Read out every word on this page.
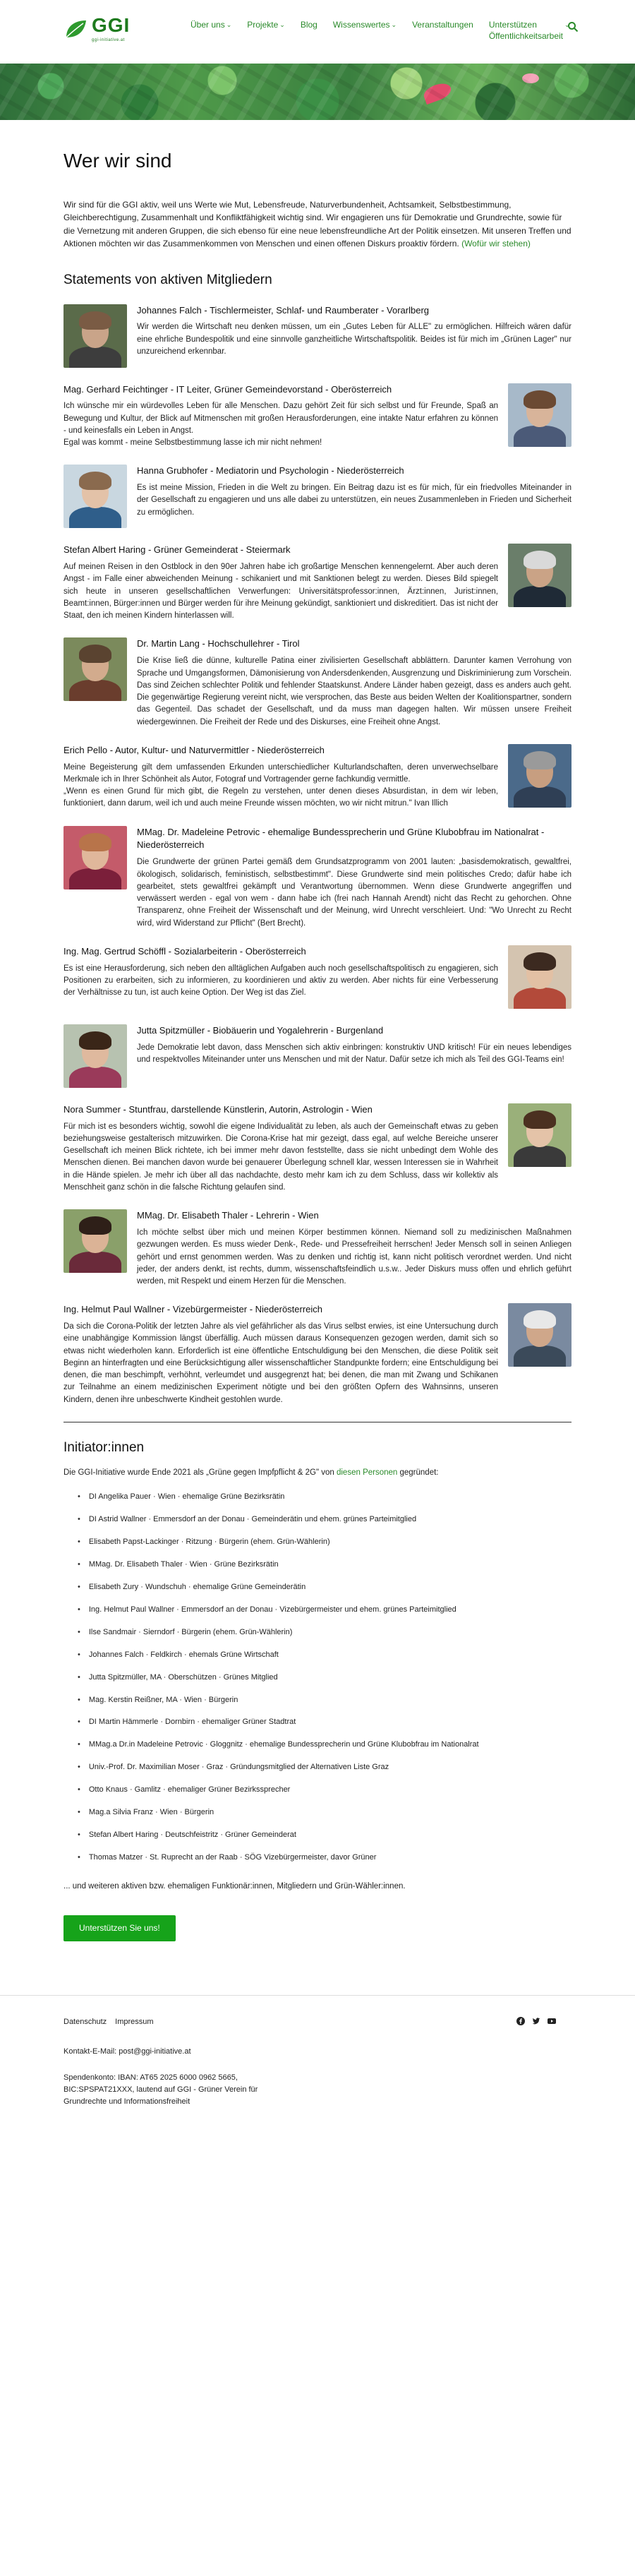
GGI
ggi-initiative.at
Über uns ⌄ Projekte ⌄ Blog Wissenswertes ⌄ Veranstaltungen Unterstützen Öffentlichkeitsarbeit
⌄
Wer wir sind

Wir sind für die GGI aktiv, weil uns Werte wie Mut, Lebensfreude, Naturverbundenheit, Achtsamkeit, Selbstbestimmung, Gleichberechtigung, Zusammenhalt und Konfliktfähigkeit wichtig sind. Wir engagieren uns für Demokratie und Grundrechte, sowie für die Vernetzung mit anderen Gruppen, die sich ebenso für eine neue lebensfreundliche Art der Politik einsetzen. Mit unseren Treffen und Aktionen möchten wir das Zusammenkommen von Menschen und einen offenen Diskurs proaktiv fördern. (Wofür wir stehen)

Statements von aktiven Mitgliedern
Johannes Falch - Tischlermeister, Schlaf- und Raumberater - Vorarlberg
Wir werden die Wirtschaft neu denken müssen, um ein „Gutes Leben für ALLE" zu ermöglichen. Hilfreich wären dafür eine ehrliche Bundespolitik und eine sinnvolle ganzheitliche Wirtschaftspolitik. Beides ist für mich im „Grünen Lager" nur unzureichend erkennbar.
Mag. Gerhard Feichtinger - IT Leiter, Grüner Gemeindevorstand - Oberösterreich
Ich wünsche mir ein würdevolles Leben für alle Menschen. Dazu gehört Zeit für sich selbst und für Freunde, Spaß an Bewegung und Kultur, der Blick auf Mitmenschen mit großen Herausforderungen, eine intakte Natur erfahren zu können - und keinesfalls ein Leben in Angst.
Egal was kommt - meine Selbstbestimmung lasse ich mir nicht nehmen!
Hanna Grubhofer - Mediatorin und Psychologin - Niederösterreich
Es ist meine Mission, Frieden in die Welt zu bringen. Ein Beitrag dazu ist es für mich, für ein friedvolles Miteinander in der Gesellschaft zu engagieren und uns alle dabei zu unterstützen, ein neues Zusammenleben in Frieden und Sicherheit zu ermöglichen.
Stefan Albert Haring - Grüner Gemeinderat - Steiermark
Auf meinen Reisen in den Ostblock in den 90er Jahren habe ich großartige Menschen kennengelernt. Aber auch deren Angst - im Falle einer abweichenden Meinung - schikaniert und mit Sanktionen belegt zu werden. Dieses Bild spiegelt sich heute in unseren gesellschaftlichen Verwerfungen: Universitätsprofessor:innen, Ärzt:innen, Jurist:innen, Beamt:innen, Bürger:innen und Bürger werden für ihre Meinung gekündigt, sanktioniert und diskreditiert. Das ist nicht der Staat, den ich meinen Kindern hinterlassen will.
Dr. Martin Lang - Hochschullehrer - Tirol
Die Krise ließ die dünne, kulturelle Patina einer zivilisierten Gesellschaft abblättern. Darunter kamen Verrohung von Sprache und Umgangsformen, Dämonisierung von Andersdenkenden, Ausgrenzung und Diskriminierung zum Vorschein. Das sind Zeichen schlechter Politik und fehlender Staatskunst. Andere Länder haben gezeigt, dass es anders auch geht. Die gegenwärtige Regierung vereint nicht, wie versprochen, das Beste aus beiden Welten der Koalitionspartner, sondern das Gegenteil. Das schadet der Gesellschaft, und da muss man dagegen halten. Wir müssen unsere Freiheit wiedergewinnen. Die Freiheit der Rede und des Diskurses, eine Freiheit ohne Angst.
Erich Pello - Autor, Kultur- und Naturvermittler - Niederösterreich
Meine Begeisterung gilt dem umfassenden Erkunden unterschiedlicher Kulturlandschaften, deren unverwechselbare Merkmale ich in Ihrer Schönheit als Autor, Fotograf und Vortragender gerne fachkundig vermittle.
„Wenn es einen Grund für mich gibt, die Regeln zu verstehen, unter denen dieses Absurdistan, in dem wir leben, funktioniert, dann darum, weil ich und auch meine Freunde wissen möchten, wo wir nicht mitrun." Ivan Illich
MMag. Dr. Madeleine Petrovic - ehemalige Bundessprecherin und Grüne Klubobfrau im Nationalrat - Niederösterreich
Die Grundwerte der grünen Partei gemäß dem Grundsatzprogramm von 2001 lauten: „basisdemokratisch, gewaltfrei, ökologisch, solidarisch, feministisch, selbstbestimmt". Diese Grundwerte sind mein politisches Credo; dafür habe ich gearbeitet, stets gewaltfrei gekämpft und Verantwortung übernommen. Wenn diese Grundwerte angegriffen und verwässert werden - egal von wem - dann habe ich (frei nach Hannah Arendt) nicht das Recht zu gehorchen. Ohne Transparenz, ohne Freiheit der Wissenschaft und der Meinung, wird Unrecht verschleiert. Und: "Wo Unrecht zu Recht wird, wird Widerstand zur Pflicht" (Bert Brecht).
Ing. Mag. Gertrud Schöffl - Sozialarbeiterin - Oberösterreich
Es ist eine Herausforderung, sich neben den alltäglichen Aufgaben auch noch gesellschaftspolitisch zu engagieren, sich Positionen zu erarbeiten, sich zu informieren, zu koordinieren und aktiv zu werden. Aber nichts für eine Verbesserung der Verhältnisse zu tun, ist auch keine Option. Der Weg ist das Ziel.
Jutta Spitzmüller - Biobäuerin und Yogalehrerin - Burgenland
Jede Demokratie lebt davon, dass Menschen sich aktiv einbringen: konstruktiv UND kritisch! Für ein neues lebendiges und respektvolles Miteinander unter uns Menschen und mit der Natur. Dafür setze ich mich als Teil des GGI-Teams ein!
Nora Summer - Stuntfrau, darstellende Künstlerin, Autorin, Astrologin - Wien
Für mich ist es besonders wichtig, sowohl die eigene Individualität zu leben, als auch der Gemeinschaft etwas zu geben beziehungsweise gestalterisch mitzuwirken. Die Corona-Krise hat mir gezeigt, dass egal, auf welche Bereiche unserer Gesellschaft ich meinen Blick richtete, ich bei immer mehr davon feststellte, dass sie nicht unbedingt dem Wohle des Menschen dienen. Bei manchen davon wurde bei genauerer Überlegung schnell klar, wessen Interessen sie in Wahrheit in die Hände spielen. Je mehr ich über all das nachdachte, desto mehr kam ich zu dem Schluss, dass wir kollektiv als Menschheit ganz schön in die falsche Richtung gelaufen sind.
MMag. Dr. Elisabeth Thaler - Lehrerin - Wien
Ich möchte selbst über mich und meinen Körper bestimmen können. Niemand soll zu medizinischen Maßnahmen gezwungen werden. Es muss wieder Denk-, Rede- und Pressefreiheit herrschen! Jeder Mensch soll in seinen Anliegen gehört und ernst genommen werden. Was zu denken und richtig ist, kann nicht politisch verordnet werden. Und nicht jeder, der anders denkt, ist rechts, dumm, wissenschaftsfeindlich u.s.w.. Jeder Diskurs muss offen und ehrlich geführt werden, mit Respekt und einem Herzen für die Menschen.
Ing. Helmut Paul Wallner - Vizebürgermeister - Niederösterreich
Da sich die Corona-Politik der letzten Jahre als viel gefährlicher als das Virus selbst erwies, ist eine Untersuchung durch eine unabhängige Kommission längst überfällig. Auch müssen daraus Konsequenzen gezogen werden, damit sich so etwas nicht wiederholen kann. Erforderlich ist eine öffentliche Entschuldigung bei den Menschen, die diese Politik seit Beginn an hinterfragten und eine Berücksichtigung aller wissenschaftlicher Standpunkte fordern; eine Entschuldigung bei denen, die man beschimpft, verhöhnt, verleumdet und ausgegrenzt hat; bei denen, die man mit Zwang und Schikanen zur Teilnahme an einem medizinischen Experiment nötigte und bei den größten Opfern des Wahnsinns, unseren Kindern, denen ihre unbeschwerte Kindheit gestohlen wurde.
Initiator:innen

Die GGI-Initiative wurde Ende 2021 als „Grüne gegen Impfpflicht & 2G" von diesen Personen gegründet:

• DI Angelika Pauer · Wien · ehemalige Grüne Bezirksrätin
• DI Astrid Wallner · Emmersdorf an der Donau · Gemeinderätin und ehem. grünes Parteimitglied
• Elisabeth Papst-Lackinger · Ritzung · Bürgerin (ehem. Grün-Wählerin)
• MMag. Dr. Elisabeth Thaler · Wien · Grüne Bezirksrätin
• Elisabeth Zury · Wundschuh · ehemalige Grüne Gemeinderätin
• Ing. Helmut Paul Wallner · Emmersdorf an der Donau · Vizebürgermeister und ehem. grünes Parteimitglied
• Ilse Sandmair · Sierndorf · Bürgerin (ehem. Grün-Wählerin)
• Johannes Falch · Feldkirch · ehemals Grüne Wirtschaft
• Jutta Spitzmüller, MA · Oberschützen · Grünes Mitglied
• Mag. Kerstin Reißner, MA · Wien · Bürgerin
• DI Martin Hämmerle · Dornbirn · ehemaliger Grüner Stadtrat
• MMag.a Dr.in Madeleine Petrovic · Gloggnitz · ehemalige Bundessprecherin und Grüne Klubobfrau im Nationalrat
• Univ.-Prof. Dr. Maximilian Moser · Graz · Gründungsmitglied der Alternativen Liste Graz
• Otto Knaus · Gamlitz · ehemaliger Grüner Bezirkssprecher
• Mag.a Silvia Franz · Wien · Bürgerin
• Stefan Albert Haring · Deutschfeistritz · Grüner Gemeinderat
• Thomas Matzer · St. Ruprecht an der Raab · SÖG Vizebürgermeister, davor Grüner

... und weiteren aktiven bzw. ehemaligen Funktionär:innen, Mitgliedern und Grün-Wähler:innen.

Unterstützen Sie uns!
Datenschutz Impressum

Kontakt-E-Mail: post@ggi-initiative.at

Spendenkonto: IBAN: AT65 2025 6000 0962 5665,
BIC:SPSPAT21XXX, lautend auf GGI - Grüner Verein für
Grundrechte und Informationsfreiheit
